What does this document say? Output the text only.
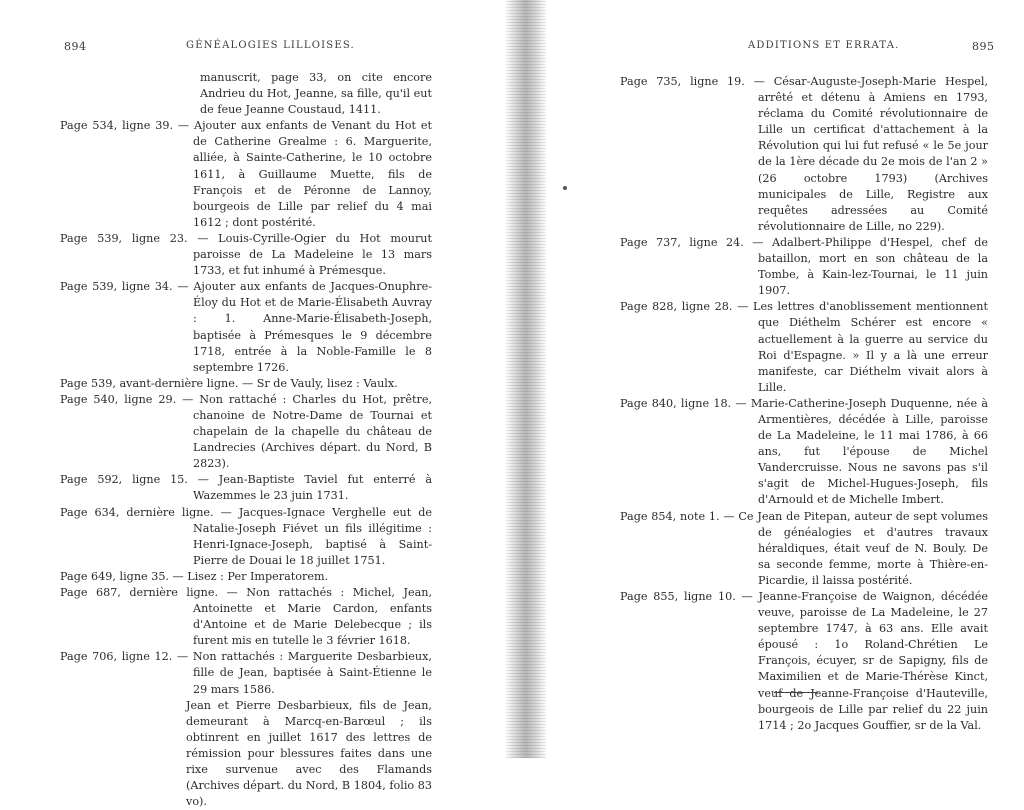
894	GÉNÉALOGIES LILLOISES.

manuscrit, page 33, on cite encore Andrieu du Hot, Jeanne, sa fille, qu'il eut de feue Jeanne Coustaud, 1411.

Page 534, ligne 39. — Ajouter aux enfants de Venant du Hot et de Catherine Grealme : 6. Marguerite, alliée, à Sainte-Catherine, le 10 octobre 1611, à Guillaume Muette, fils de François et de Péronne de Lannoy, bourgeois de Lille par relief du 4 mai 1612 ; dont postérité.

Page 539, ligne 23. — Louis-Cyrille-Ogier du Hot mourut paroisse de La Madeleine le 13 mars 1733, et fut inhumé à Prémesque.

Page 539, ligne 34. — Ajouter aux enfants de Jacques-Onuphre-Éloy du Hot et de Marie-Élisabeth Auvray : 1. Anne-Marie-Élisabeth-Joseph, baptisée à Prémesques le 9 décembre 1718, entrée à la Noble-Famille le 8 septembre 1726.

Page 539, avant-dernière ligne. — Sr de Vauly, lisez : Vaulx.

Page 540, ligne 29. — Non rattaché : Charles du Hot, prêtre, chanoine de Notre-Dame de Tournai et chapelain de la chapelle du château de Landrecies (Archives départ. du Nord, B 2823).

Page 592, ligne 15. — Jean-Baptiste Taviel fut enterré à Wazemmes le 23 juin 1731.

Page 634, dernière ligne. — Jacques-Ignace Verghelle eut de Natalie-Joseph Fiévet un fils illégitime : Henri-Ignace-Joseph, baptisé à Saint-Pierre de Douai le 18 juillet 1751.

Page 649, ligne 35. — Lisez : Per Imperatorem.

Page 687, dernière ligne. — Non rattachés : Michel, Jean, Antoinette et Marie Cardon, enfants d'Antoine et de Marie Delebecque ; ils furent mis en tutelle le 3 février 1618.

Page 706, ligne 12. — Non rattachés : Marguerite Desbarbieux, fille de Jean, baptisée à Saint-Étienne le 29 mars 1586.

Jean et Pierre Desbarbieux, fils de Jean, demeurant à Marcq-en-Barœul ; ils obtinrent en juillet 1617 des lettres de rémission pour blessures faites dans une rixe survenue avec des Flamands (Archives départ. du Nord, B 1804, folio 83 vo).

ADDITIONS ET ERRATA.	895

Page 735, ligne 19. — César-Auguste-Joseph-Marie Hespel, arrêté et détenu à Amiens en 1793, réclama du Comité révolutionnaire de Lille un certificat d'attachement à la Révolution qui lui fut refusé « le 5e jour de la 1ère décade du 2e mois de l'an 2 » (26 octobre 1793) (Archives municipales de Lille, Registre aux requêtes adressées au Comité révolutionnaire de Lille, no 229).

Page 737, ligne 24. — Adalbert-Philippe d'Hespel, chef de bataillon, mort en son château de la Tombe, à Kain-lez-Tournai, le 11 juin 1907.

Page 828, ligne 28. — Les lettres d'anoblissement mentionnent que Diéthelm Schérer est encore « actuellement à la guerre au service du Roi d'Espagne. » Il y a là une erreur manifeste, car Diéthelm vivait alors à Lille.

Page 840, ligne 18. — Marie-Catherine-Joseph Duquenne, née à Armentières, décédée à Lille, paroisse de La Madeleine, le 11 mai 1786, à 66 ans, fut l'épouse de Michel Vandercruisse. Nous ne savons pas s'il s'agit de Michel-Hugues-Joseph, fils d'Arnould et de Michelle Imbert.

Page 854, note 1. — Ce Jean de Pitepan, auteur de sept volumes de généalogies et d'autres travaux héraldiques, était veuf de N. Bouly. De sa seconde femme, morte à Thière-en-Picardie, il laissa postérité.

Page 855, ligne 10. — Jeanne-Françoise de Waignon, décédée veuve, paroisse de La Madeleine, le 27 septembre 1747, à 63 ans. Elle avait épousé : 1o Roland-Chrétien Le François, écuyer, sr de Sapigny, fils de Maximilien et de Marie-Thérèse Kinct, veuf de Jeanne-Françoise d'Hauteville, bourgeois de Lille par relief du 22 juin 1714 ; 2o Jacques Gouffier, sr de la Val.
